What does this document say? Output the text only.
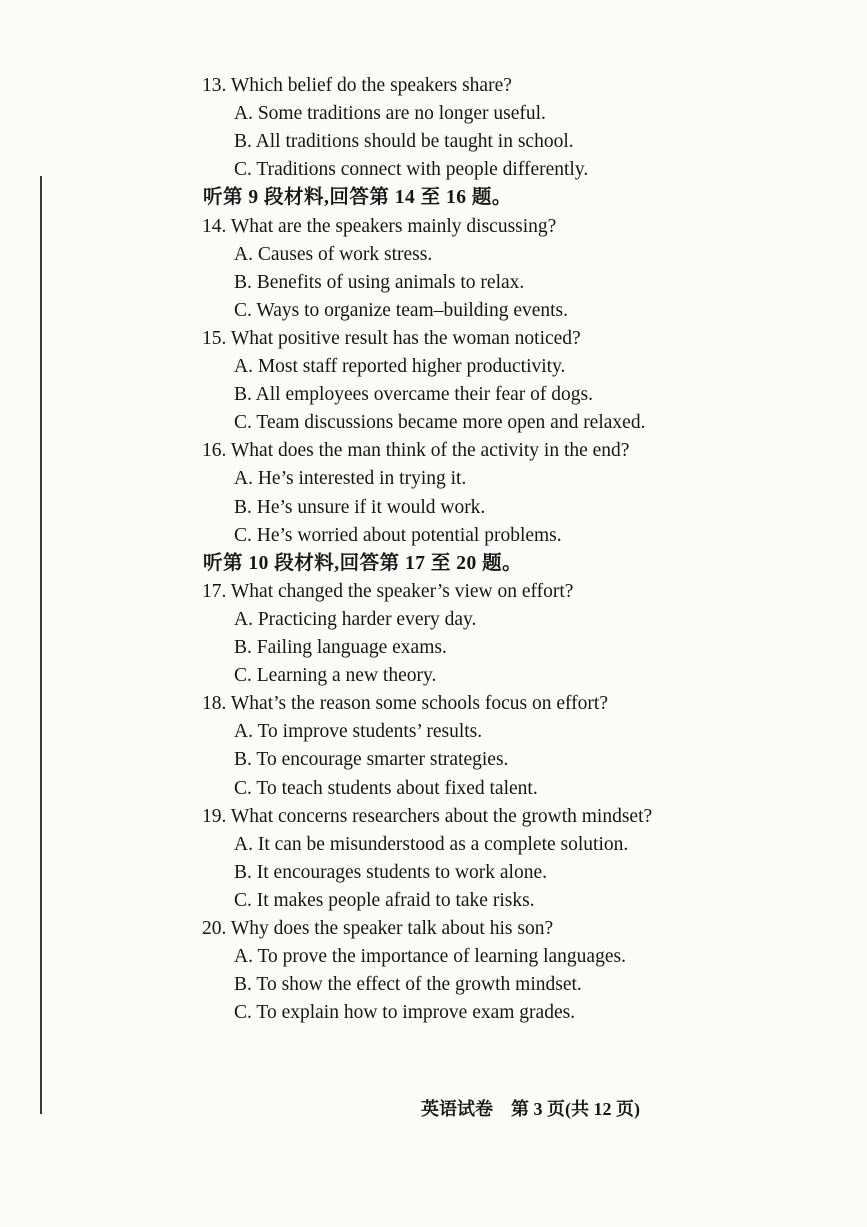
13. Which belief do the speakers share?

A. Some traditions are no longer useful.

B. All traditions should be taught in school.

C. Traditions connect with people differently.

听第 9 段材料,回答第 14 至 16 题。

14. What are the speakers mainly discussing?

A. Causes of work stress.

B. Benefits of using animals to relax.

C. Ways to organize team–building events.

15. What positive result has the woman noticed?

A. Most staff reported higher productivity.

B. All employees overcame their fear of dogs.

C. Team discussions became more open and relaxed.

16. What does the man think of the activity in the end?

A. He’s interested in trying it.

B. He’s unsure if it would work.

C. He’s worried about potential problems.

听第 10 段材料,回答第 17 至 20 题。

17. What changed the speaker’s view on effort?

A. Practicing harder every day.

B. Failing language exams.

C. Learning a new theory.

18. What’s the reason some schools focus on effort?

A. To improve students’ results.

B. To encourage smarter strategies.

C. To teach students about fixed talent.

19. What concerns researchers about the growth mindset?

A. It can be misunderstood as a complete solution.

B. It encourages students to work alone.

C. It makes people afraid to take risks.

20. Why does the speaker talk about his son?

A. To prove the importance of learning languages.

B. To show the effect of the growth mindset.

C. To explain how to improve exam grades.

英语试卷　第 3 页(共 12 页)
